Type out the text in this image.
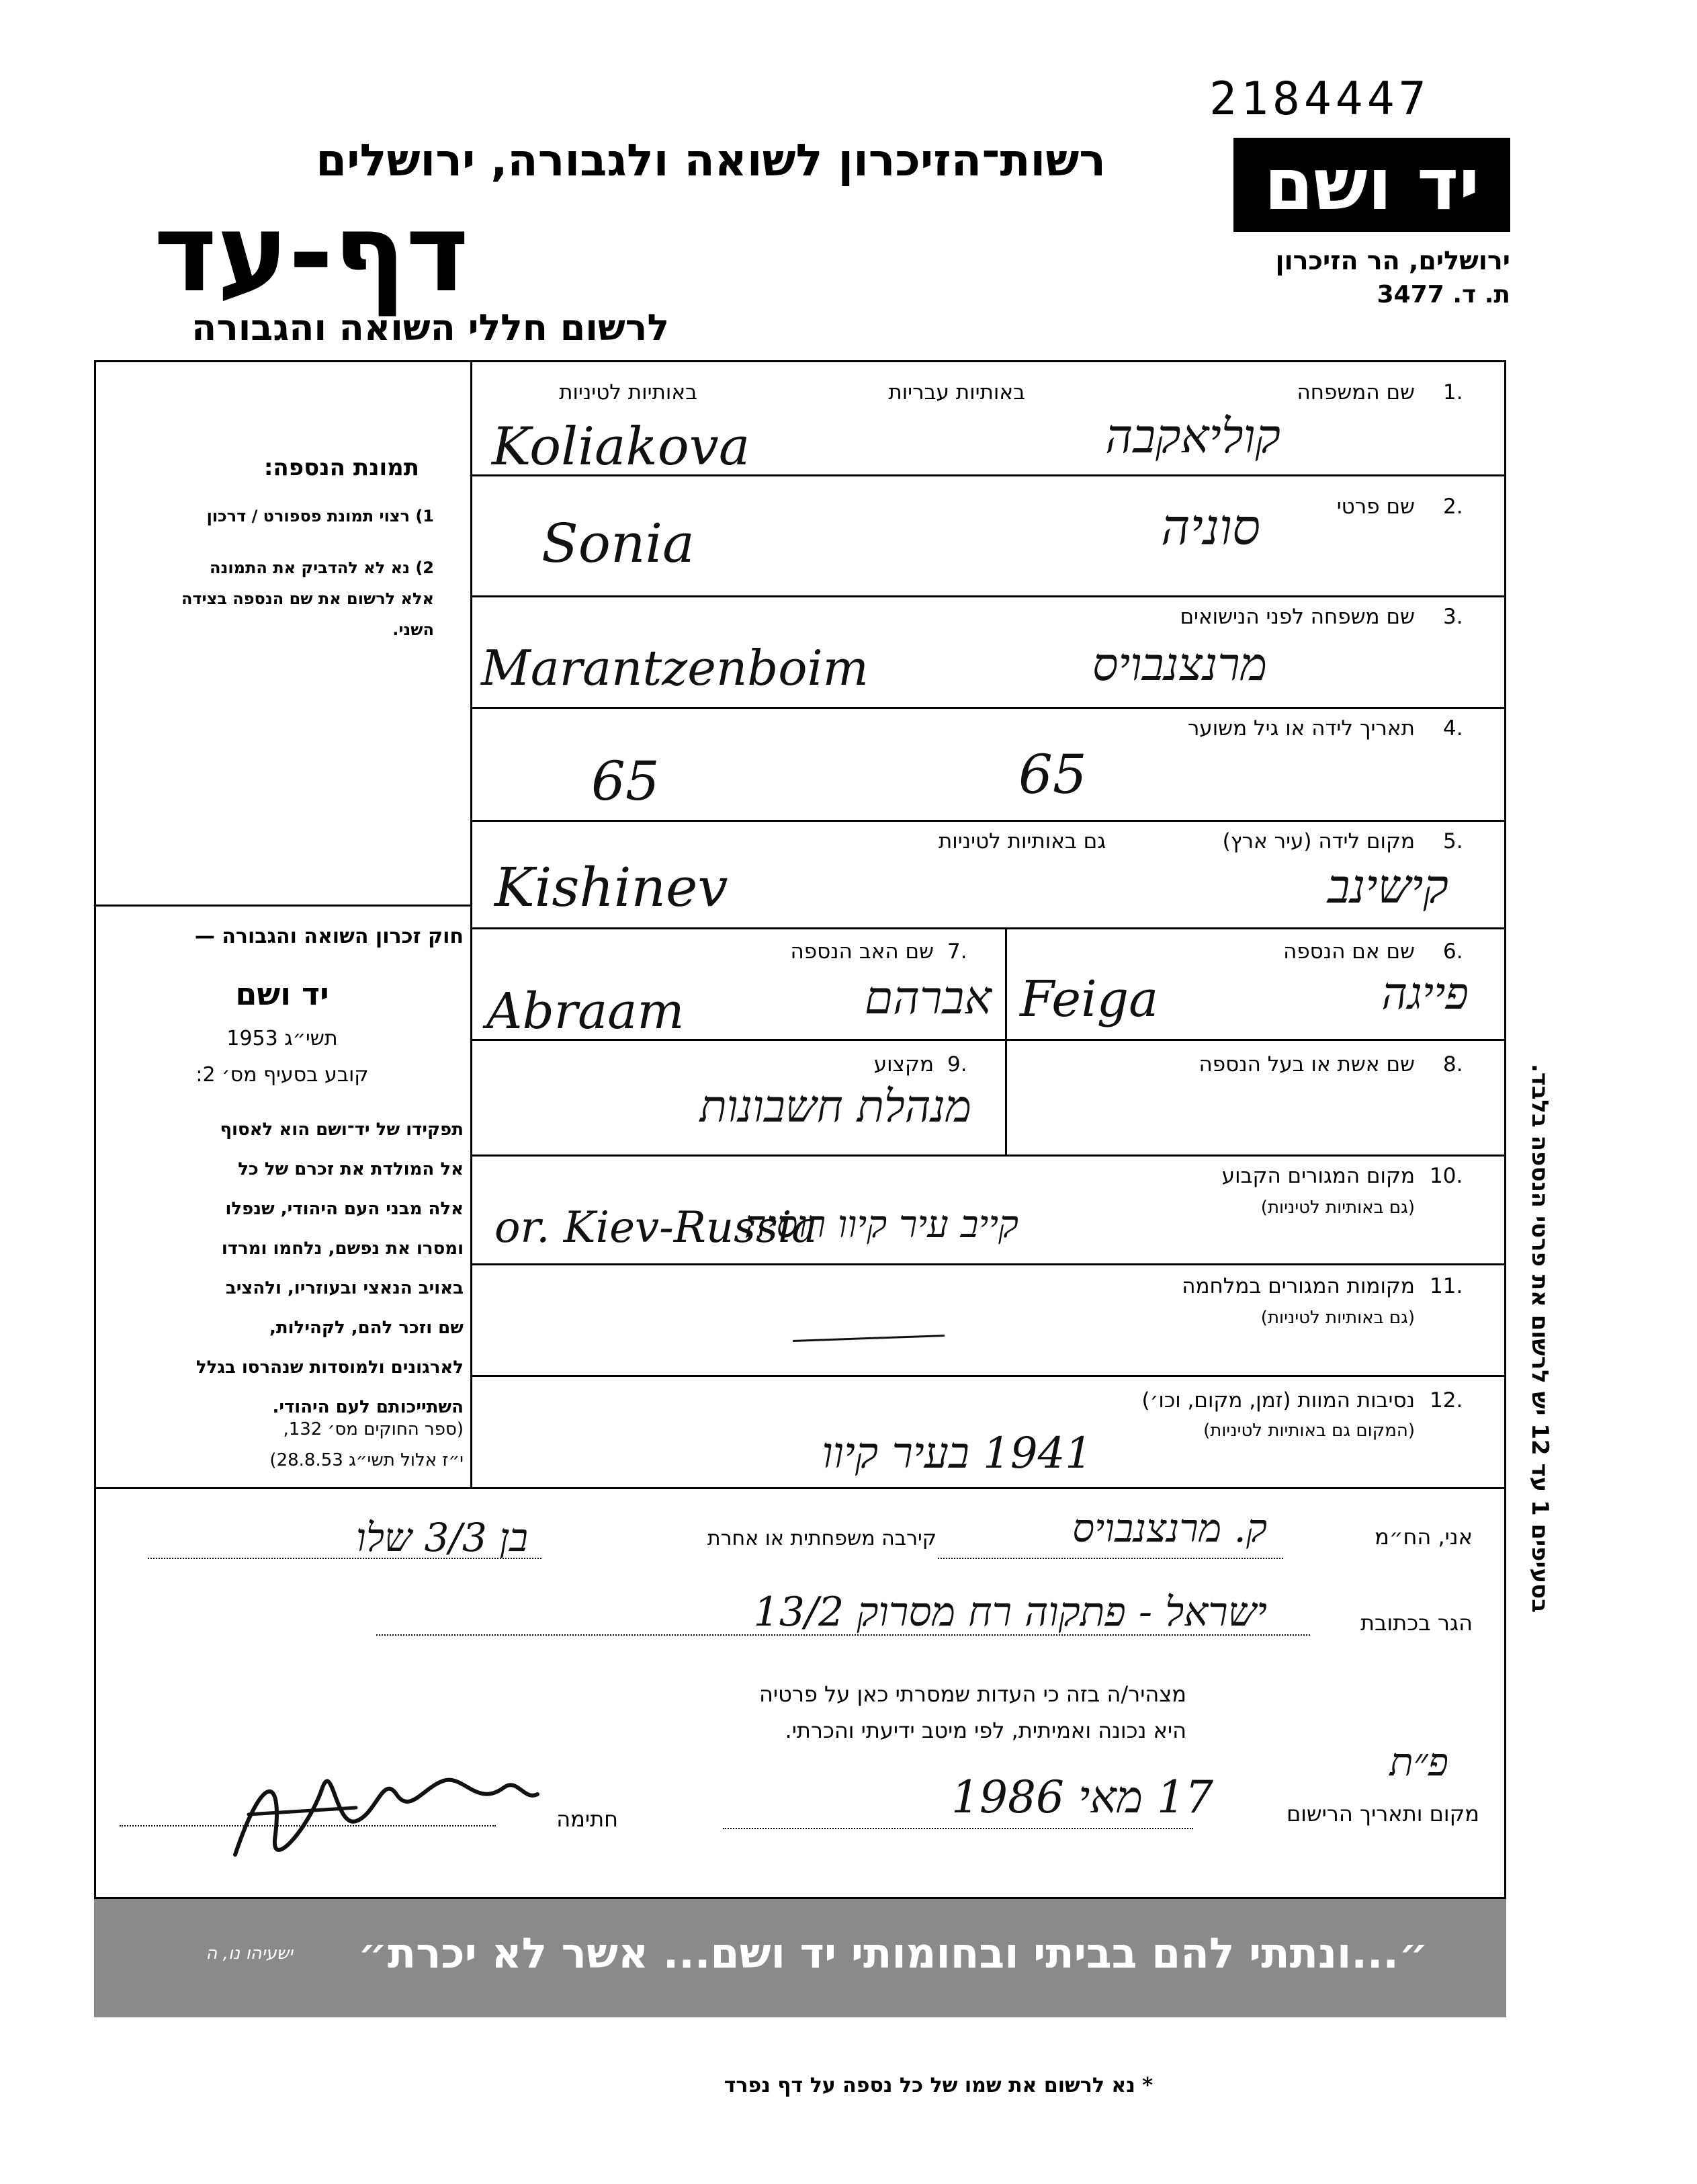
2184447
יד ושם
ירושלים, הר הזיכרון
ת. ד. 3477
רשות־הזיכרון לשואה ולגבורה, ירושלים
דף-עד
לרשום חללי השואה והגבורה
תמונת הנספה:
1) רצוי תמונת פספורט / דרכון
2) נא לא להדביק את התמונה
אלא לרשום את שם הנספה בצידה
השני.
חוק זכרון השואה והגבורה —
יד ושם
תשי״ג 1953
קובע בסעיף מס׳ 2:
תפקידו של יד־ושם הוא לאסוף
אל המולדת את זכרם של כל
אלה מבני העם היהודי, שנפלו
ומסרו את נפשם, נלחמו ומרדו
באויב הנאצי ובעוזריו, ולהציב
שם וזכר להם, לקהילות,
לארגונים ולמוסדות שנהרסו בגלל
השתייכותם לעם היהודי.
(ספר החוקים מס׳ 132,
י״ז אלול תשי״ג 28.8.53)
בסעיפים 1 עד 12 יש לרשום את פרטי הנספה בלבד.
1.
שם המשפחה
באותיות עבריות
באותיות לטיניות
Koliakova	קוליאקבה
2.
שם פרטי
Sonia	סוניה
3.
שם משפחה לפני הנישואים
Marantzenboim	מרנצנבויס
4.
תאריך לידה או גיל משוער
65	65
5.
מקום לידה (עיר ארץ)
גם באותיות לטיניות
Kishinev	קישינב
6.
שם אם הנספה
Feiga	פייגה
7.
שם האב הנספה
Abraam	אברהם
8.
שם אשת או בעל הנספה
9.
מקצוע
מנהלת חשבונות
10.
מקום המגורים הקבוע
(גם באותיות לטיניות)
or. Kiev-Russia
קייב עיר קיוו רוסיה
11.
מקומות המגורים במלחמה
(גם באותיות לטיניות)
12.
נסיבות המוות (זמן, מקום, וכו׳)
(המקום גם באותיות לטיניות)
1941 בעיר קיוו
אני, הח״מ
ק. מרנצנבויס
קירבה משפחתית או אחרת
בן 3/3 שלו
הגר בכתובת
ישראל - פתקוה רח מסרוק 13/2
מצהיר/ה בזה כי העדות שמסרתי כאן על פרטיה
היא נכונה ואמיתית, לפי מיטב ידיעתי והכרתי.
מקום ותאריך הרישום
פ״ת
17 מאי 1986
חתימה
״...ונתתי להם בביתי ובחומותי יד ושם... אשר לא יכרת״
ישעיהו נו, ה
* נא לרשום את שמו של כל נספה על דף נפרד
